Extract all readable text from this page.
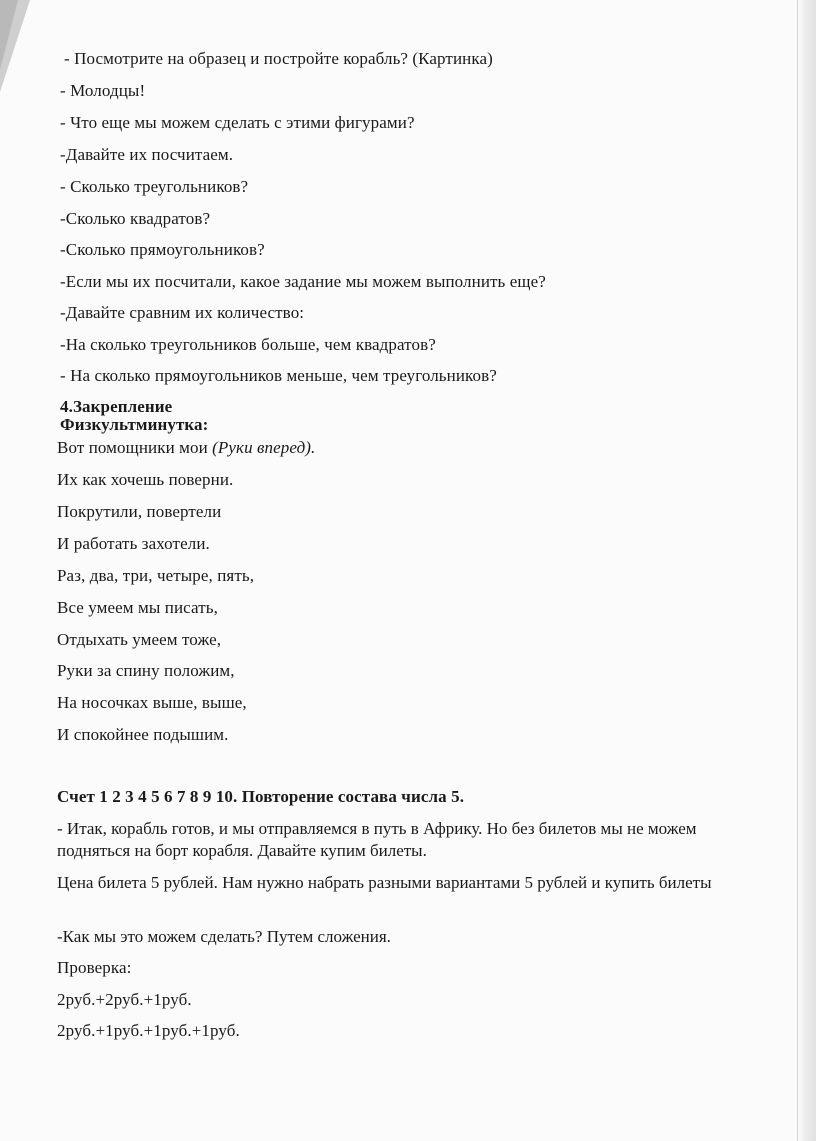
- Посмотрите на образец и постройте корабль? (Картинка)
- Молодцы!
- Что еще мы можем сделать с этими фигурами?
-Давайте их посчитаем.
- Сколько треугольников?
-Сколько квадратов?
-Сколько прямоугольников?
-Если мы их посчитали, какое задание мы можем выполнить еще?
-Давайте сравним их количество:
-На сколько треугольников больше, чем квадратов?
- На сколько прямоугольников меньше, чем треугольников?
4.Закрепление
Физкультминутка:
Вот помощники мои (Руки вперед).
Их как хочешь поверни.
Покрутили, повертели
И работать захотели.
Раз, два, три, четыре, пять,
Все умеем мы писать,
Отдыхать умеем тоже,
Руки за спину положим,
На носочках выше, выше,
И спокойнее подышим.
Счет 1 2 3 4 5 6 7 8 9 10. Повторение состава числа 5.
- Итак, корабль готов, и мы отправляемся в путь в Африку. Но без билетов мы не можем подняться на борт корабля. Давайте купим билеты.
Цена билета 5 рублей. Нам нужно набрать разными вариантами 5 рублей и купить билеты
-Как мы это можем сделать? Путем сложения.
Проверка:
2руб.+2руб.+1руб.
2руб.+1руб.+1руб.+1руб.
